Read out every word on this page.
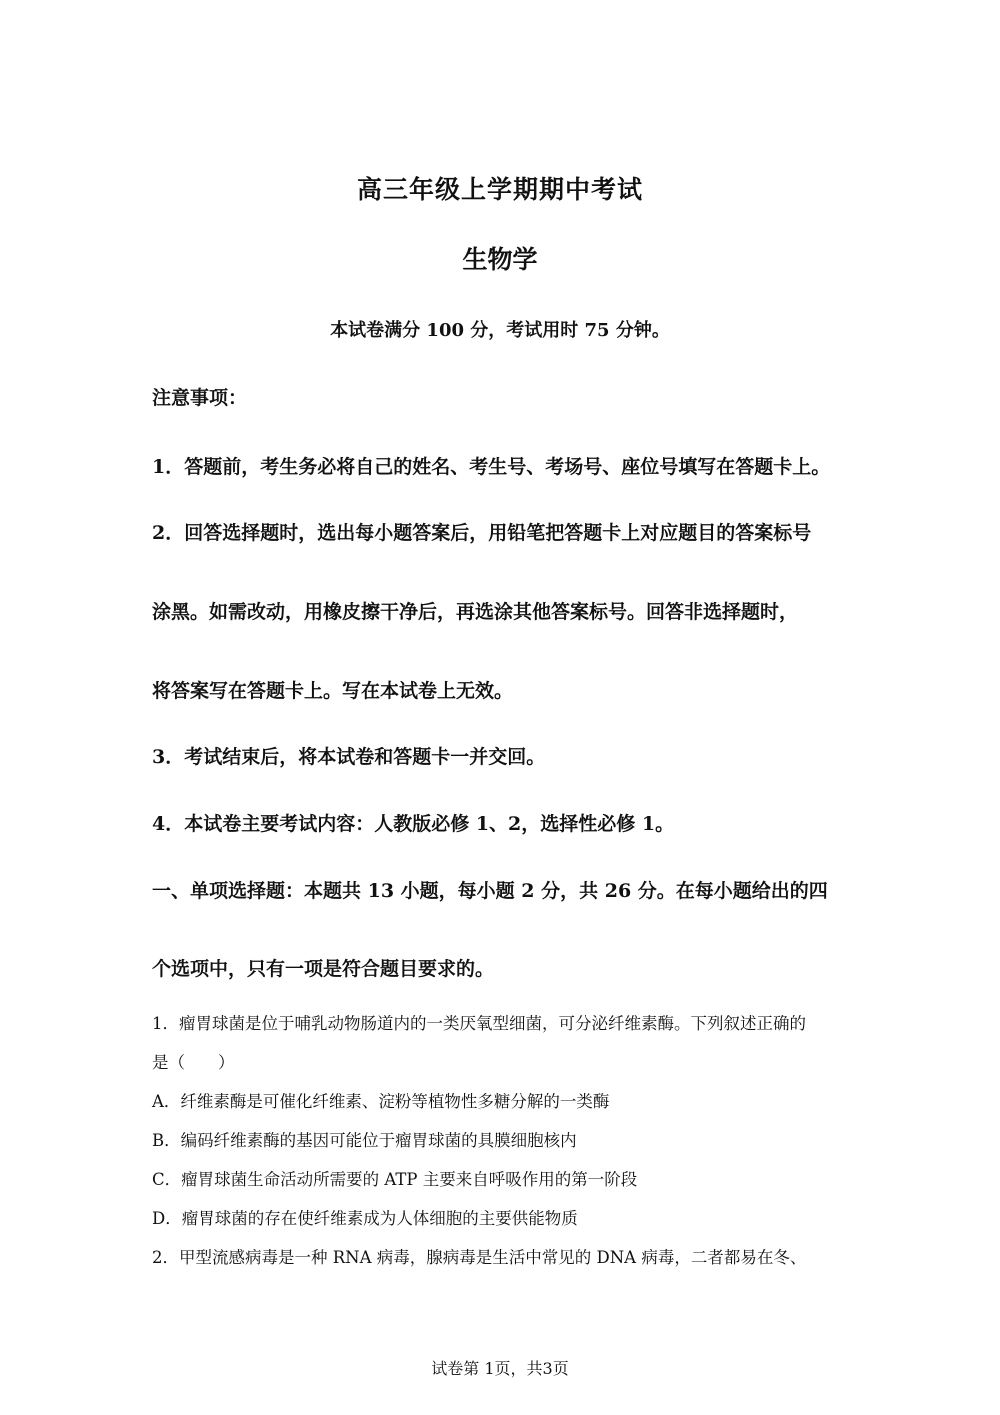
高三年级上学期期中考试
生物学
本试卷满分 100 分，考试用时 75 分钟。
注意事项：
1．答题前，考生务必将自己的姓名、考生号、考场号、座位号填写在答题卡上。
2．回答选择题时，选出每小题答案后，用铅笔把答题卡上对应题目的答案标号
涂黑。如需改动，用橡皮擦干净后，再选涂其他答案标号。回答非选择题时，
将答案写在答题卡上。写在本试卷上无效。
3．考试结束后，将本试卷和答题卡一并交回。
4．本试卷主要考试内容：人教版必修 1、2，选择性必修 1。
一、单项选择题：本题共 13 小题，每小题 2 分，共 26 分。在每小题给出的四
个选项中，只有一项是符合题目要求的。
1．瘤胃球菌是位于哺乳动物肠道内的一类厌氧型细菌，可分泌纤维素酶。下列叙述正确的
是（　　）
A．纤维素酶是可催化纤维素、淀粉等植物性多糖分解的一类酶
B．编码纤维素酶的基因可能位于瘤胃球菌的具膜细胞核内
C．瘤胃球菌生命活动所需要的 ATP 主要来自呼吸作用的第一阶段
D．瘤胃球菌的存在使纤维素成为人体细胞的主要供能物质
2．甲型流感病毒是一种 RNA 病毒，腺病毒是生活中常见的 DNA 病毒，二者都易在冬、
试卷第 1页，共3页
